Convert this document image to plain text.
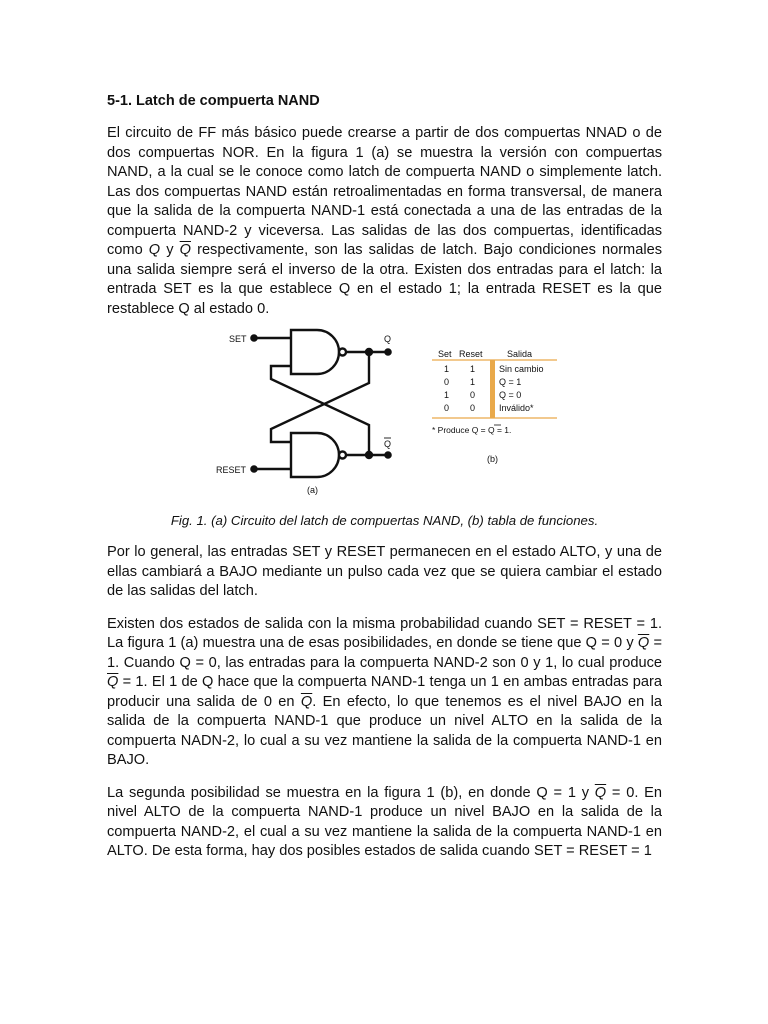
5-1. Latch de compuerta NAND

El circuito de FF más básico puede crearse a partir de dos compuertas NNAD o de dos compuertas NOR. En la figura 1 (a) se muestra la versión con compuertas NAND, a la cual se le conoce como latch de compuerta NAND o simplemente latch. Las dos compuertas NAND están retroalimentadas en forma transversal, de manera que la salida de la compuerta NAND-1 está conectada a una de las entradas de la compuerta NAND-2 y viceversa. Las salidas de las dos compuertas, identificadas como Q y $\overline{Q}$ respectivamente, son las salidas de latch. Bajo condiciones normales una salida siempre será el inverso de la otra. Existen dos entradas para el latch: la entrada SET es la que establece Q en el estado 1; la entrada RESET es la que restablece Q al estado 0.

SET
RESET
Q
Q
(a)
Set Reset	Salida
1 1	Sin cambio
0 1	Q = 1
1 0	Q = 0
0 0	Inválido*
* Produce Q = Q = 1.
(b)
Fig. 1. (a) Circuito del latch de compuertas NAND, (b) tabla de funciones.

Por lo general, las entradas SET y RESET permanecen en el estado ALTO, y una de ellas cambiará a BAJO mediante un pulso cada vez que se quiera cambiar el estado de las salidas del latch.

Existen dos estados de salida con la misma probabilidad cuando SET = RESET = 1. La figura 1 (a) muestra una de esas posibilidades, en donde se tiene que Q = 0 y $\overline{Q} = 1$. Cuando Q = 0, las entradas para la compuerta NAND-2 son 0 y 1, lo cual produce $\overline{Q} = 1$. El 1 de Q hace que la compuerta NAND-1 tenga un 1 en ambas entradas para producir una salida de 0 en $\overline{Q}$. En efecto, lo que tenemos es el nivel BAJO en la salida de la compuerta NAND-1 que produce un nivel ALTO en la salida de la compuerta NADN-2, lo cual a su vez mantiene la salida de la compuerta NAND-1 en BAJO.

La segunda posibilidad se muestra en la figura 1 (b), en donde Q = 1 y $\overline{Q} = 0$. En nivel ALTO de la compuerta NAND-1 produce un nivel BAJO en la salida de la compuerta NAND-2, el cual a su vez mantiene la salida de la compuerta NAND-1 en ALTO. De esta forma, hay dos posibles estados de salida cuando SET = RESET = 1
